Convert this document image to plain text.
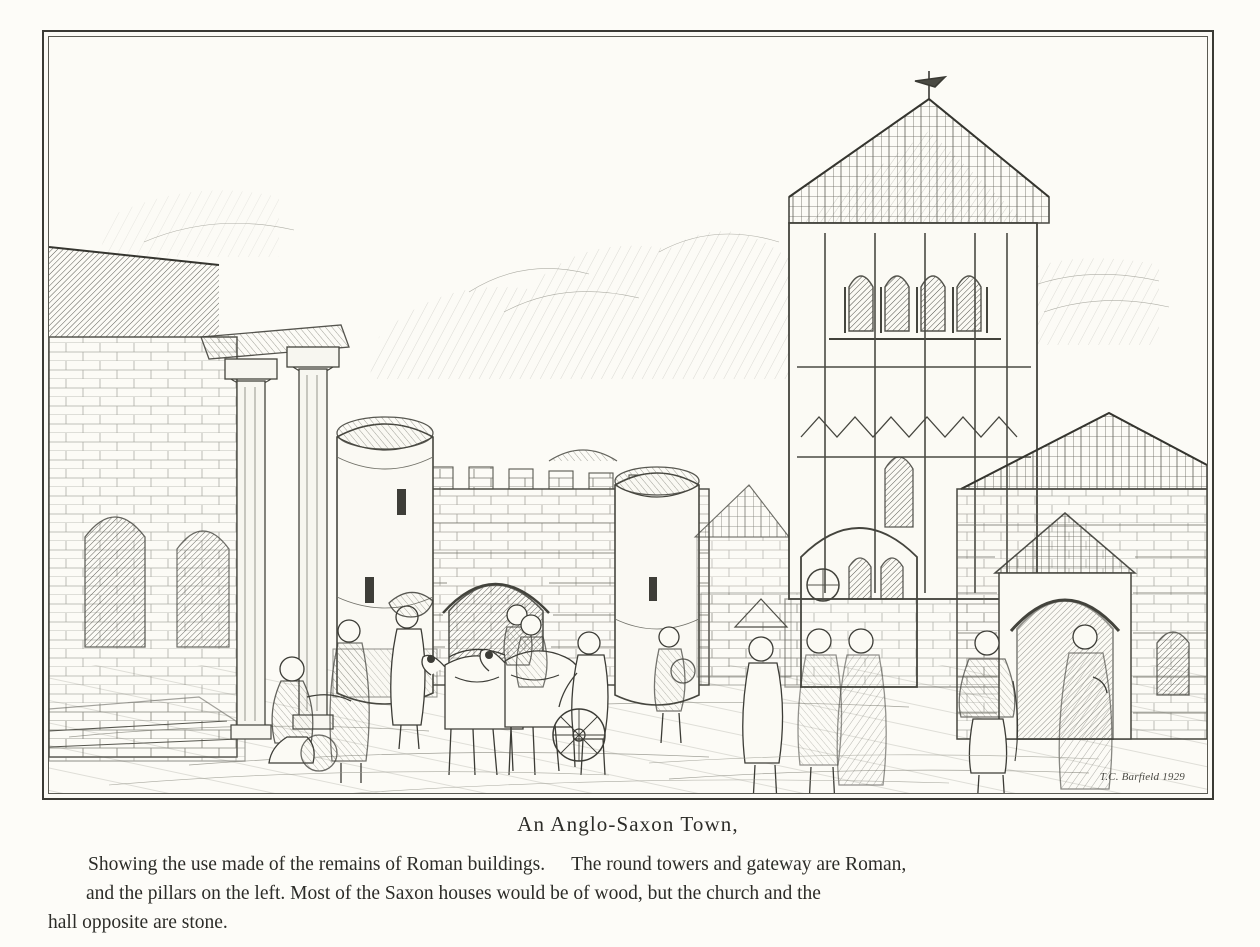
T.C. Barfield 1929
An Anglo-Saxon Town,
Showing the use made of the remains of Roman buildings. The round towers and gateway are Roman,
and the pillars on the left. Most of the Saxon houses would be of wood, but the church and the
hall opposite are stone.
